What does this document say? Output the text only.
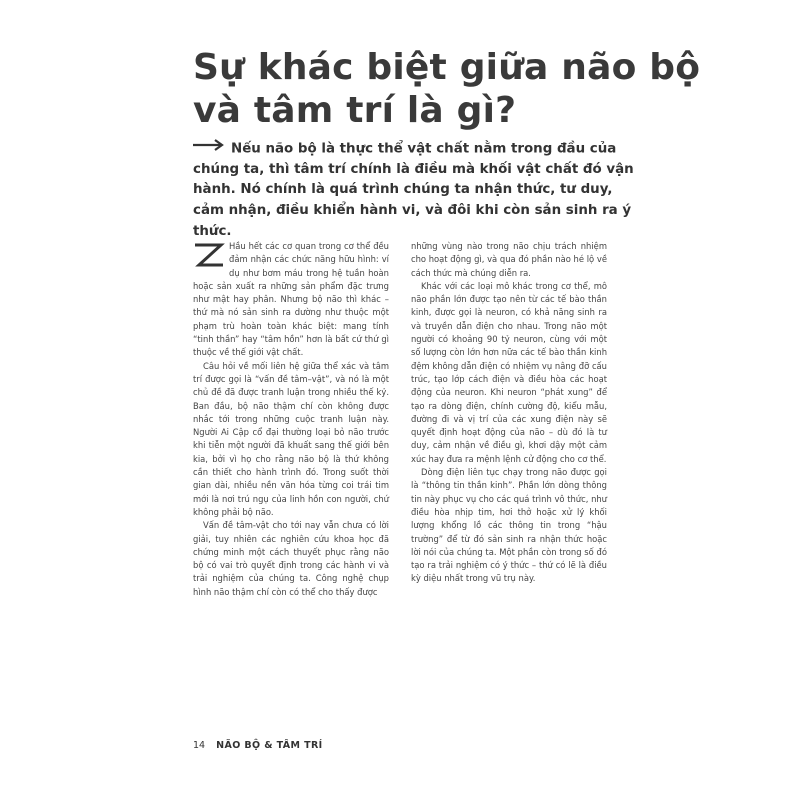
Sự khác biệt giữa não bộ
và tâm trí là gì?

Nếu não bộ là thực thể vật chất nằm trong đầu của chúng ta, thì tâm trí chính là điều mà khối vật chất đó vận hành. Nó chính là quá trình chúng ta nhận thức, tư duy, cảm nhận, điều khiển hành vi, và đôi khi còn sản sinh ra ý thức.

Hầu hết các cơ quan trong cơ thể đều đảm nhận các chức năng hữu hình: ví dụ như bơm máu trong hệ tuần hoàn hoặc sản xuất ra những sản phẩm đặc trưng như mật hay phân. Nhưng bộ não thì khác – thứ mà nó sản sinh ra dường như thuộc một phạm trù hoàn toàn khác biệt: mang tính “tinh thần” hay “tâm hồn” hơn là bất cứ thứ gì thuộc về thế giới vật chất.

Câu hỏi về mối liên hệ giữa thể xác và tâm trí được gọi là “vấn đề tâm–vật”, và nó là một chủ đề đã được tranh luận trong nhiều thế kỷ. Ban đầu, bộ não thậm chí còn không được nhắc tới trong những cuộc tranh luận này. Người Ai Cập cổ đại thường loại bỏ não trước khi tiễn một người đã khuất sang thế giới bên kia, bởi vì họ cho rằng não bộ là thứ không cần thiết cho hành trình đó. Trong suốt thời gian dài, nhiều nền văn hóa từng coi trái tim mới là nơi trú ngụ của linh hồn con người, chứ không phải bộ não.

Vấn đề tâm-vật cho tới nay vẫn chưa có lời giải, tuy nhiên các nghiên cứu khoa học đã chứng minh một cách thuyết phục rằng não bộ có vai trò quyết định trong các hành vi và trải nghiệm của chúng ta. Công nghệ chụp hình não thậm chí còn có thể cho thấy được

những vùng nào trong não chịu trách nhiệm cho hoạt động gì, và qua đó phần nào hé lộ về cách thức mà chúng diễn ra.

Khác với các loại mô khác trong cơ thể, mô não phần lớn được tạo nên từ các tế bào thần kinh, được gọi là neuron, có khả năng sinh ra và truyền dẫn điện cho nhau. Trong não một người có khoảng 90 tỷ neuron, cùng với một số lượng còn lớn hơn nữa các tế bào thần kinh đệm không dẫn điện có nhiệm vụ nâng đỡ cấu trúc, tạo lớp cách điện và điều hòa các hoạt động của neuron. Khi neuron “phát xung” để tạo ra dòng điện, chính cường độ, kiểu mẫu, đường đi và vị trí của các xung điện này sẽ quyết định hoạt động của não – dù đó là tư duy, cảm nhận về điều gì, khơi dậy một cảm xúc hay đưa ra mệnh lệnh cử động cho cơ thể.

Dòng điện liên tục chạy trong não được gọi là “thông tin thần kinh”. Phần lớn dòng thông tin này phục vụ cho các quá trình vô thức, như điều hòa nhịp tim, hơi thở hoặc xử lý khối lượng khổng lồ các thông tin trong “hậu trường” để từ đó sản sinh ra nhận thức hoặc lời nói của chúng ta. Một phần còn trong số đó tạo ra trải nghiệm có ý thức – thứ có lẽ là điều kỳ diệu nhất trong vũ trụ này.

14 NÃO BỘ & TÂM TRÍ
